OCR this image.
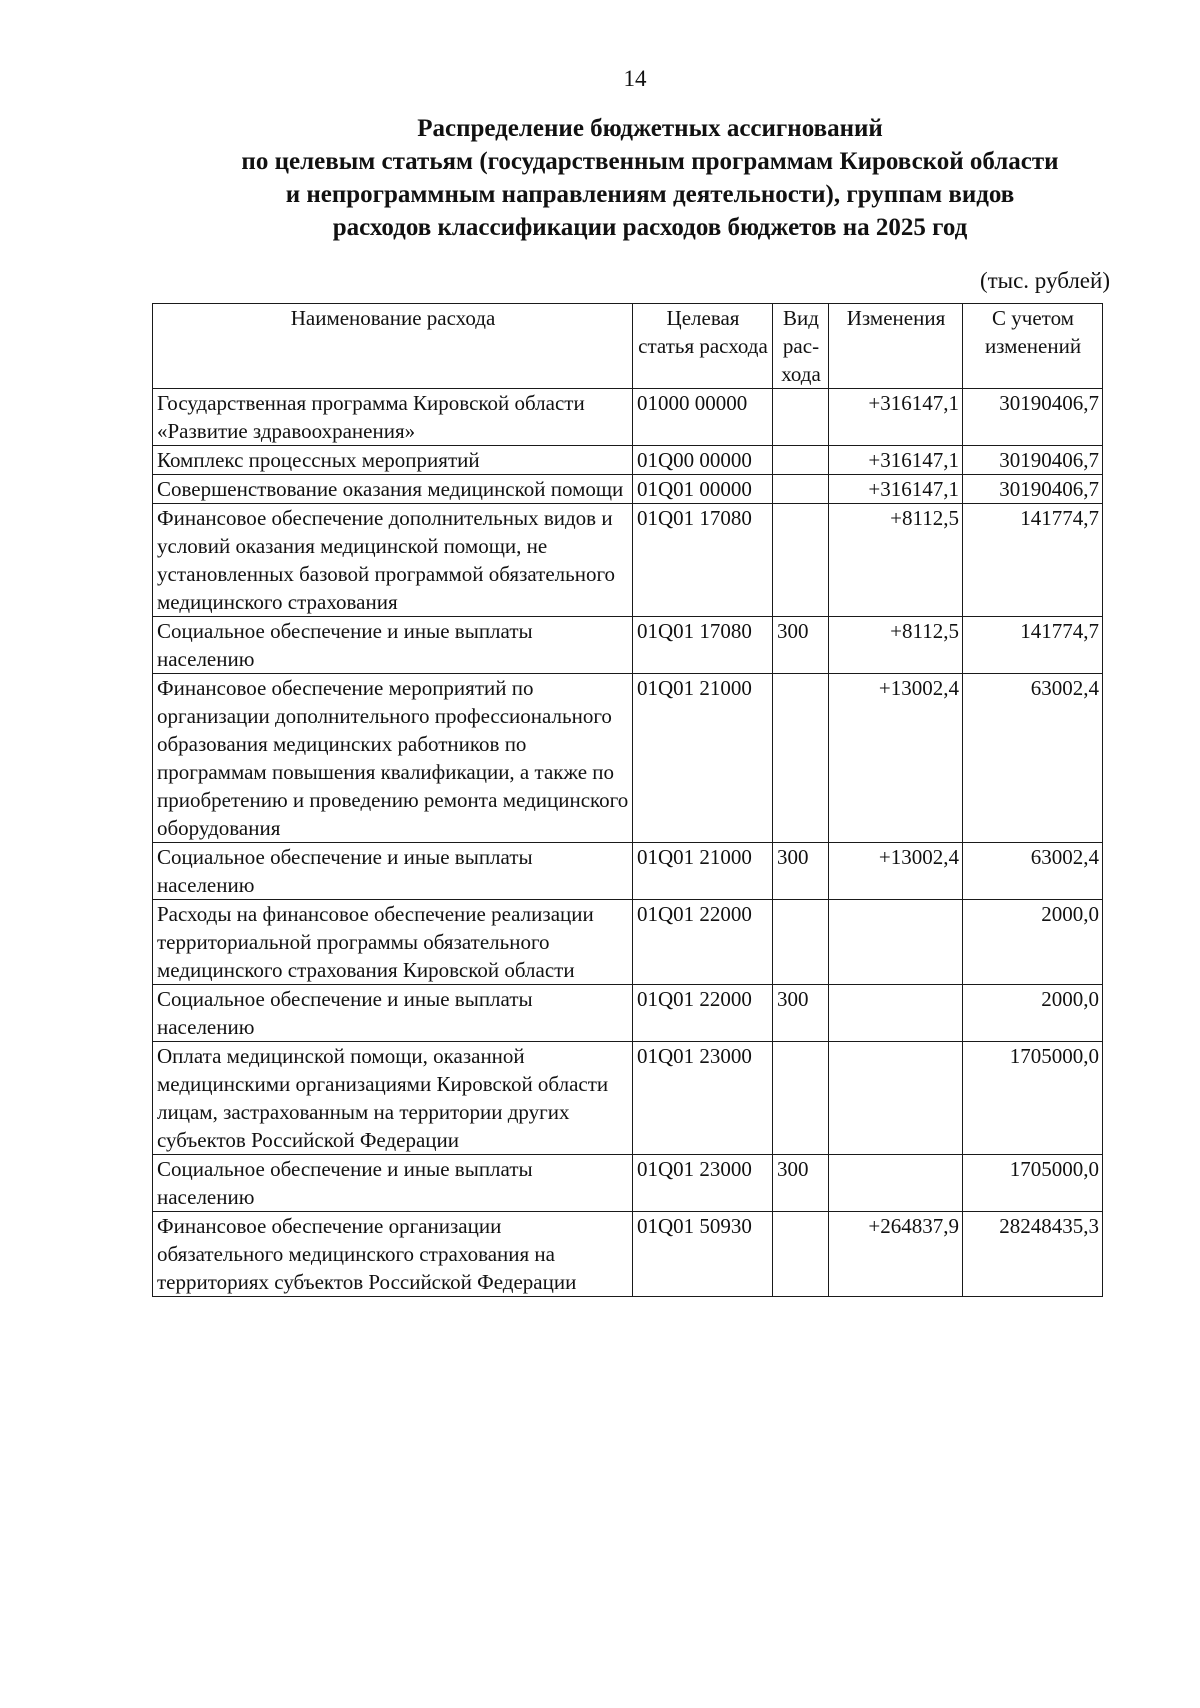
14
Распределение бюджетных ассигнований
по целевым статьям (государственным программам Кировской области
и непрограммным направлениям деятельности), группам видов
расходов классификации расходов бюджетов на 2025 год
(тыс. рублей)
Наименование расхода	Целевая статья расхода	Вид рас-хода	Изменения	С учетом изменений
Государственная программа Кировской области «Развитие здравоохранения»	01000 00000		+316147,1	30190406,7
Комплекс процессных мероприятий	01Q00 00000		+316147,1	30190406,7
Совершенствование оказания медицинской помощи	01Q01 00000		+316147,1	30190406,7
Финансовое обеспечение дополнительных видов и условий оказания медицинской помощи, не установленных базовой программой обязательного медицинского страхования	01Q01 17080		+8112,5	141774,7
Социальное обеспечение и иные выплаты населению	01Q01 17080	300	+8112,5	141774,7
Финансовое обеспечение мероприятий по организации дополнительного профессионального образования медицинских работников по программам повышения квалификации, а также по приобретению и проведению ремонта медицинского оборудования	01Q01 21000		+13002,4	63002,4
Социальное обеспечение и иные выплаты населению	01Q01 21000	300	+13002,4	63002,4
Расходы на финансовое обеспечение реализации территориальной программы обязательного медицинского страхования Кировской области	01Q01 22000			2000,0
Социальное обеспечение и иные выплаты населению	01Q01 22000	300		2000,0
Оплата медицинской помощи, оказанной медицинскими организациями Кировской области лицам, застрахованным на территории других субъектов Российской Федерации	01Q01 23000			1705000,0
Социальное обеспечение и иные выплаты населению	01Q01 23000	300		1705000,0
Финансовое обеспечение организации обязательного медицинского страхования на территориях субъектов Российской Федерации	01Q01 50930		+264837,9	28248435,3
